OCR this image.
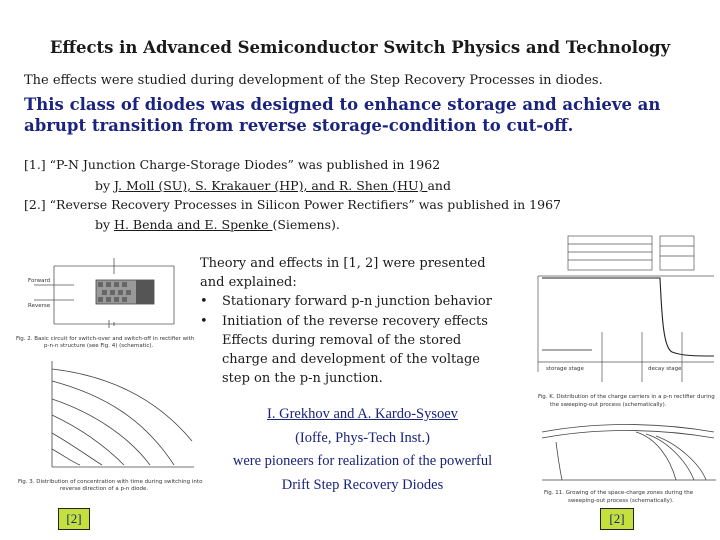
Effects in Advanced Semiconductor Switch Physics and Technology
The effects were studied during development of the Step Recovery Processes in diodes.
This class of diodes was designed to enhance storage and achieve an abrupt transition from reverse storage-condition to cut-off.
[1.] “P-N Junction Charge-Storage Diodes” was published in 1962
by J. Moll (SU), S. Krakauer (HP), and R. Shen (HU) and
[2.] “Reverse Recovery Processes in Silicon Power Rectifiers” was published in 1967
by H. Benda and E. Spenke (Siemens).
Theory and effects in [1, 2] were presented and explained:
• Stationary forward p-n junction behavior
• Initiation of the reverse recovery effects Effects during removal of the stored charge and development of the voltage step on the p-n junction.
I. Grekhov and A. Kardo-Sysoev
(Ioffe, Phys-Tech Inst.)
were pioneers for realization of the powerful
Drift Step Recovery Diodes
[2]	[2]
Forward
Reverse
Fig. 2. Basic circuit for switch-over and switch-off in rectifier with
p-n-n structure (see Fig. 4) (schematic).
Fig. 3. Distribution of concentration with time during switching into
reverse direction of a p-n diode.
storage stage	decay stage
Fig. K. Distribution of the charge carriers in a p-n rectifier during
the sweeping-out process (schematically).
Fig. 11. Growing of the space-charge zones during the
sweeping-out process (schematically).
